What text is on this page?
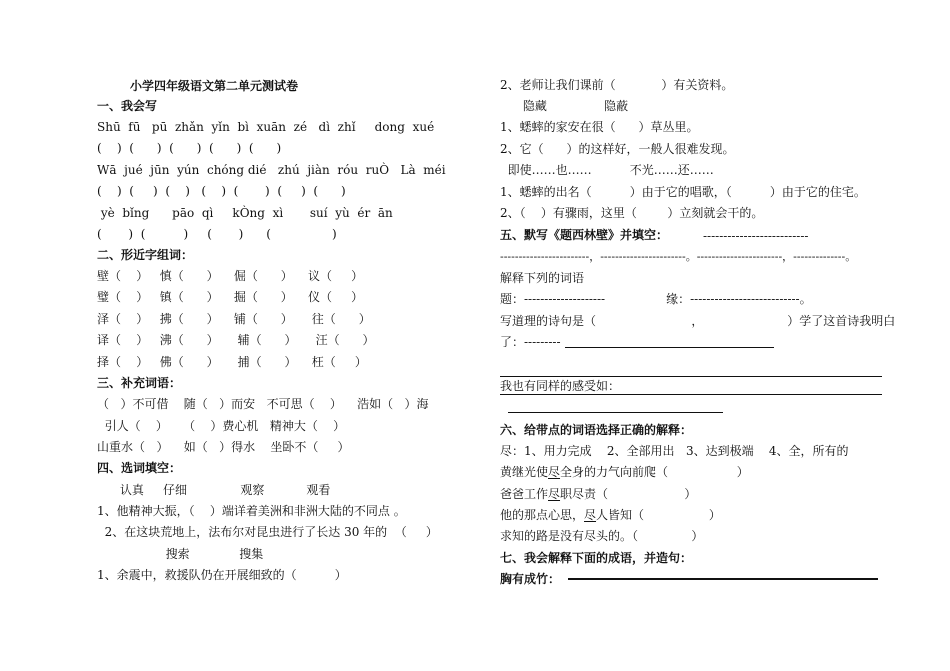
小学四年级语文第二单元测试卷
一、我会写
Shū  fū   pū  zhǎn  yǐn  bì  xuān  zé   dì  zhǐ     dong  xué
(    )  (      )  (      )  (      )  (      )
Wā  jué  jūn  yún  chóng dié   zhú  jiàn  róu  ruÒ   Là  méi
(    )  (     )  (    )   (    )  (       )  (     )  (      )
yè  bǐng      pāo  qì     kÒng  xì       suí  yù  ér  ān
(       )  (          )     (       )      (                )
二、形近字组词：
壁（    ）   慎（      ）    倔（      ）    议（     ）
璧（    ）   镇（      ）    掘（      ）    仪（     ）
泽（    ）   拂（      ）    铺（      ）     往（      ）
译（    ）   沸（      ）     辅（      ）     汪（      ）
择（    ）   佛（      ）     捕（      ）    枉（     ）
三、补充词语：
（   ）不可借    随（   ）而安   不可思（    ）    浩如（   ）海
引人（    ）    （    ）费心机   精神大（    ）
山重水（   ）    如（   ）得水    坐卧不（     ）
四、选词填空：
认真     仔细              观察           观看
1、他精神大振，（    ）端详着美洲和非洲大陆的不同点 。
2、在这块荒地上，法布尔对昆虫进行了长达 30 年的  （     ）
搜索             搜集
1、余震中，救援队仍在开展细致的（          ）
2、老师让我们课前（            ）有关资料。
隐藏               隐蔽
1、蟋蟀的家安在很（      ）草丛里。
2、它（      ）的这样好，一般人很难发现。
即使……也……          不光……还……
1、蟋蟀的出名（          ）由于它的唱歌，（          ）由于它的住宅。
2、（    ）有骤雨，这里（        ）立刻就会干的。
五、默写《题西林壁》并填空：	--------------------------
------------------------，-----------------------。-----------------------，--------------。
解释下列的词语
题：--------------------                缘：---------------------------。
写道理的诗句是（                         ，                      ）学了这首诗我明白
了：---------
我也有同样的感受如：
六、给带点的词语选择正确的解释：
尽：1、用力完成    2、全部用出   3、达到极端    4、全，所有的
黄继光使尽全身的力气向前爬（                  ）
爸爸工作尽职尽责（                    ）
他的那点心思，尽人皆知（                 ）
求知的路是没有尽头的。（              ）
七、我会解释下面的成语，并造句：
胸有成竹：
